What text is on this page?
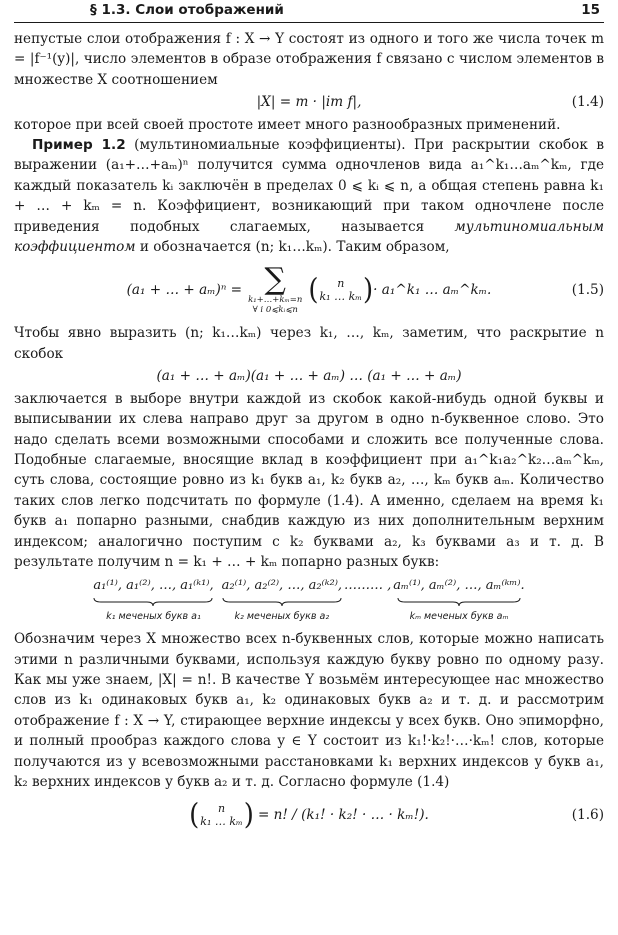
§ 1.3. Слои отображений	15

непустые слои отображения f : X → Y состоят из одного и того же числа точек m = |f⁻¹(y)|, число элементов в образе отображения f связано с числом элементов в множестве X соотношением

|X| = m · |im f|,	(1.4)

которое при всей своей простоте имеет много разнообразных применений.

Пример 1.2 (мультиномиальные коэффициенты). При раскрытии скобок в выражении (a₁+…+aₘ)ⁿ получится сумма одночленов вида a₁^k₁…aₘ^kₘ, где каждый показатель kᵢ заключён в пределах 0 ⩽ kᵢ ⩽ n, а общая степень равна k₁ + … + kₘ = n. Коэффициент, возникающий при таком одночлене после приведения подобных слагаемых, называется мультиномиальным коэффициентом и обозначается (n; k₁…kₘ). Таким образом,

(a₁ + … + aₘ)ⁿ = ∑
k₁+…+kₘ=n
∀ i 0⩽kᵢ⩽n
( n
k₁ … kₘ ) · a₁^k₁ … aₘ^kₘ.	(1.5)

Чтобы явно выразить (n; k₁…kₘ) через k₁, …, kₘ, заметим, что раскрытие n скобок

(a₁ + … + aₘ)(a₁ + … + aₘ) … (a₁ + … + aₘ)

заключается в выборе внутри каждой из скобок какой-нибудь одной буквы и выписывании их слева направо друг за другом в одно n-буквенное слово. Это надо сделать всеми возможными способами и сложить все полученные слова. Подобные слагаемые, вносящие вклад в коэффициент при a₁^k₁a₂^k₂…aₘ^kₘ, суть слова, состоящие ровно из k₁ букв a₁, k₂ букв a₂, …, kₘ букв aₘ. Количество таких слов легко подсчитать по формуле (1.4). А именно, сделаем на время k₁ букв a₁ попарно разными, снабдив каждую из них дополнительным верхним индексом; аналогично поступим с k₂ буквами a₂, k₃ буквами a₃ и т. д. В результате получим n = k₁ + … + kₘ попарно разных букв:

a₁⁽¹⁾, a₁⁽²⁾, …, a₁⁽ᵏ¹⁾,
k₁ меченых букв a₁
a₂⁽¹⁾, a₂⁽²⁾, …, a₂⁽ᵏ²⁾,
k₂ меченых букв a₂
……… , aₘ⁽¹⁾, aₘ⁽²⁾, …, aₘ⁽ᵏᵐ⁾.
kₘ меченых букв aₘ

Обозначим через X множество всех n-буквенных слов, которые можно написать этими n различными буквами, используя каждую букву ровно по одному разу. Как мы уже знаем, |X| = n!. В качестве Y возьмём интересующее нас множество слов из k₁ одинаковых букв a₁, k₂ одинаковых букв a₂ и т. д. и рассмотрим отображение f : X → Y, стирающее верхние индексы у всех букв. Оно эпиморфно, и полный прообраз каждого слова y ∈ Y состоит из k₁!·k₂!·…·kₘ! слов, которые получаются из y всевозможными расстановками k₁ верхних индексов у букв a₁, k₂ верхних индексов у букв a₂ и т. д. Согласно формуле (1.4)

( n
k₁ … kₘ ) = n! / (k₁! · k₂! · … · kₘ!).	(1.6)
